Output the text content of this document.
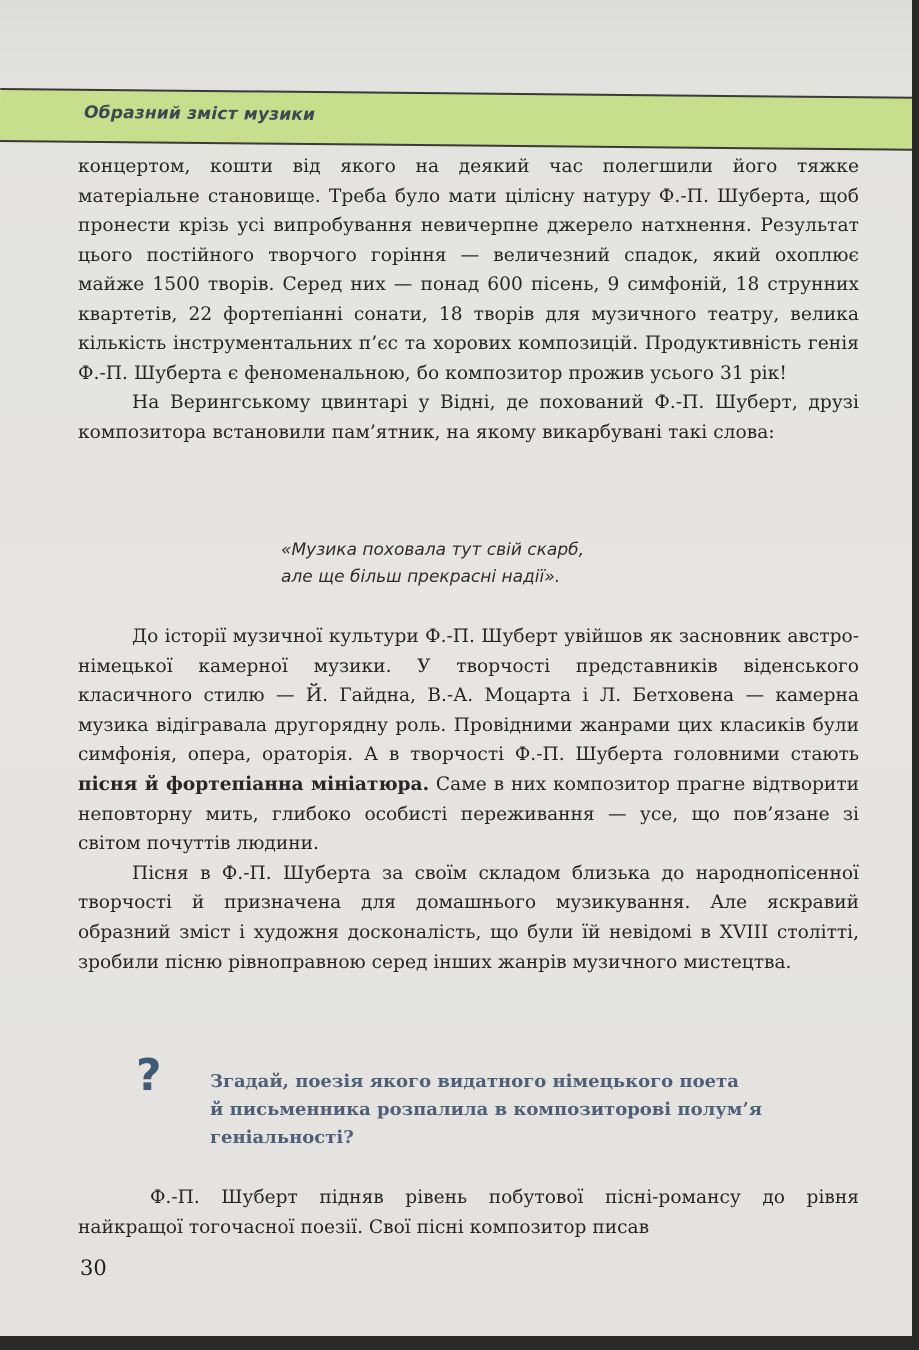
Образний зміст музики

концертом, кошти від якого на деякий час полегшили його тяжке матеріальне становище. Треба було мати цілісну натуру Ф.-П. Шуберта, щоб пронести крізь усі випробування невичерпне джерело натхнення. Результат цього постійного творчого горіння — величезний спадок, який охоплює майже 1500 творів. Серед них — понад 600 пісень, 9 симфоній, 18 струнних квартетів, 22 фортепіанні сонати, 18 творів для музичного театру, велика кількість інструментальних п’єс та хорових композицій. Продуктивність генія Ф.-П. Шуберта є феноменальною, бо композитор прожив усього 31 рік!

На Верингському цвинтарі у Відні, де похований Ф.-П. Шуберт, друзі композитора встановили пам’ятник, на якому викарбувані такі слова:

«Музика поховала тут свій скарб,
але ще більш прекрасні надії».

До історії музичної культури Ф.-П. Шуберт увійшов як засновник австро-німецької камерної музики. У творчості представників віденського класичного стилю — Й. Гайдна, В.-А. Моцарта і Л. Бетховена — камерна музика відігравала другорядну роль. Провідними жанрами цих класиків були симфонія, опера, ораторія. А в творчості Ф.-П. Шуберта головними стають пісня й фортепіанна мініатюра. Саме в них композитор прагне відтворити неповторну мить, глибоко особисті переживання — усе, що пов’язане зі світом почуттів людини.

Пісня в Ф.-П. Шуберта за своїм складом близька до народнопісенної творчості й призначена для домашнього музикування. Але яскравий образний зміст і художня досконалість, що були їй невідомі в XVIII столітті, зробили пісню рівноправною серед інших жанрів музичного мистецтва.

?	Згадай, поезія якого видатного німецького поета
й письменника розпалила в композиторові полум’я
геніальності?

Ф.-П. Шуберт підняв рівень побутової пісні-романсу до рівня найкращої тогочасної поезії. Свої пісні композитор писав

30
